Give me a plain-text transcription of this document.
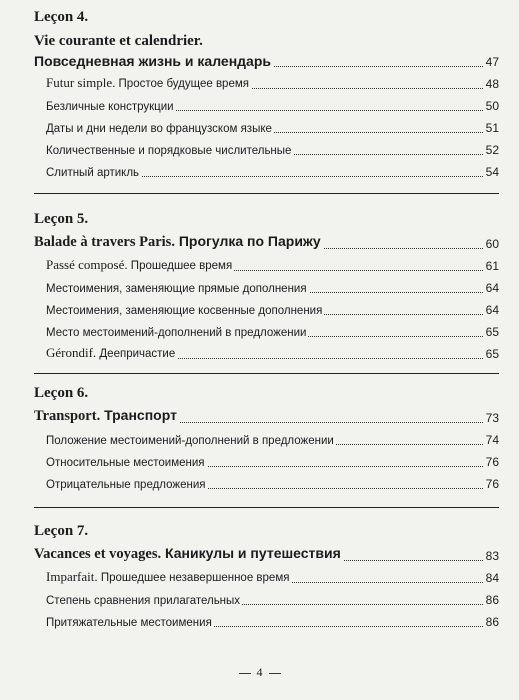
Leçon 4.
Vie courante et calendrier.
Повседневная жизнь и календарь	47
Futur simple. Простое будущее время	48
Безличные конструкции	50
Даты и дни недели во французском языке	51
Количественные и порядковые числительные	52
Слитный артикль	54
Leçon 5.
Balade à travers Paris. Прогулка по Парижу	60
Passé composé. Прошедшее время	61
Местоимения, заменяющие прямые дополнения	64
Местоимения, заменяющие косвенные дополнения	64
Место местоимений-дополнений в предложении	65
Gérondif. Деепричастие	65
Leçon 6.
Transport. Транспорт	73
Положение местоимений-дополнений в предложении	74
Относительные местоимения	76
Отрицательные предложения	76
Leçon 7.
Vacances et voyages. Каникулы и путешествия	83
Imparfait. Прошедшее незавершенное время	84
Степень сравнения прилагательных	86
Притяжательные местоимения	86
4
